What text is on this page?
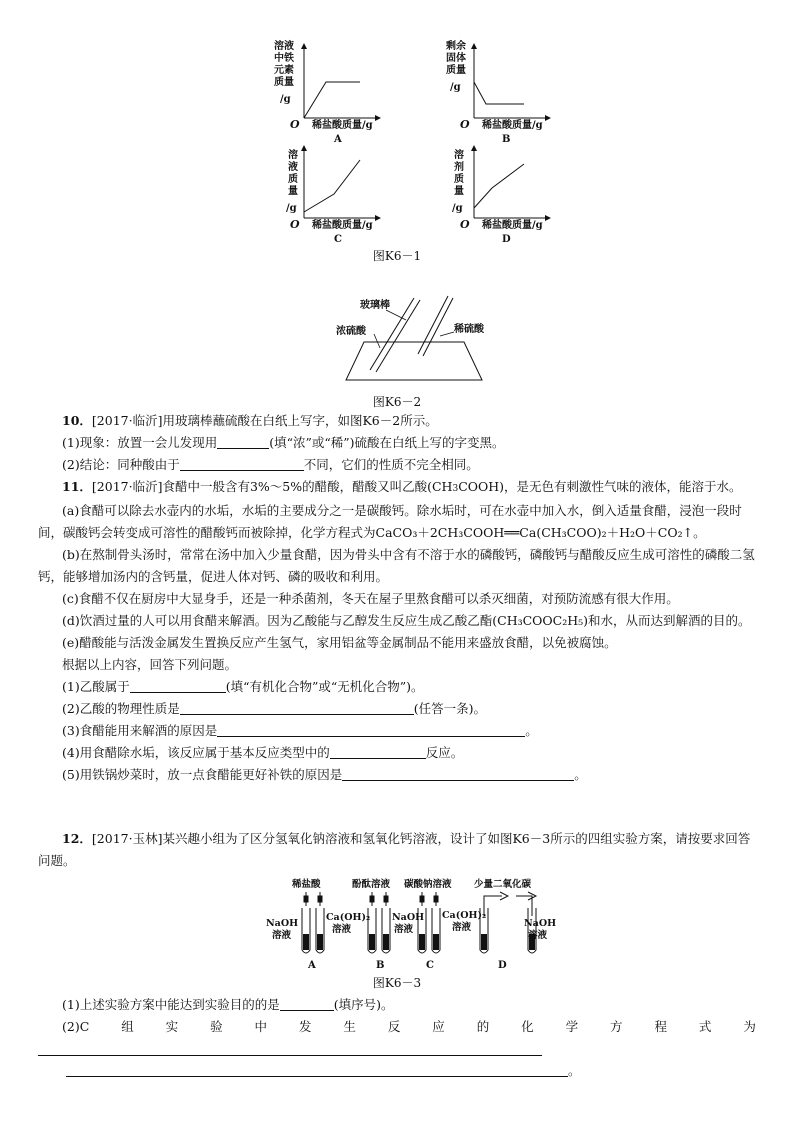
溶液 中铁 元素 质量 /g
O 稀盐酸质量/g
A
剩余 固体 质量 /g
O 稀盐酸质量/g
B
溶 液 质 量 /g
O 稀盐酸质量/g
C
溶 剂 质 量 /g
O 稀盐酸质量/g
D
图K6－1
玻璃棒
浓硫酸	稀硫酸
图K6－2
10．[2017·临沂]用玻璃棒蘸硫酸在白纸上写字，如图K6－2所示。
(1)现象：放置一会儿发现用	(填“浓”或“稀”)硫酸在白纸上写的字变黑。
(2)结论：同种酸由于	不同，它们的性质不完全相同。
11．[2017·临沂]食醋中一般含有3%～5%的醋酸，醋酸又叫乙酸(CH3COOH)，是无色有刺激性气味的液体，能溶于水。
(a)食醋可以除去水壶内的水垢，水垢的主要成分之一是碳酸钙。除水垢时，可在水壶中加入水，倒入适量食醋，浸泡一段时间，碳酸钙会转变成可溶性的醋酸钙而被除掉，化学方程式为CaCO₃＋2CH₃COOH══Ca(CH₃COO)₂＋H₂O＋CO₂↑。
(b)在熬制骨头汤时，常常在汤中加入少量食醋，因为骨头中含有不溶于水的磷酸钙，磷酸钙与醋酸反应生成可溶性的磷酸二氢钙，能够增加汤内的含钙量，促进人体对钙、磷的吸收和利用。
(c)食醋不仅在厨房中大显身手，还是一种杀菌剂，冬天在屋子里熬食醋可以杀灭细菌，对预防流感有很大作用。
(d)饮酒过量的人可以用食醋来解酒。因为乙酸能与乙醇发生反应生成乙酸乙酯(CH₃COOC₂H₅)和水，从而达到解酒的目的。
(e)醋酸能与活泼金属发生置换反应产生氢气，家用铝盆等金属制品不能用来盛放食醋，以免被腐蚀。
根据以上内容，回答下列问题。
(1)乙酸属于	(填“有机化合物”或“无机化合物”)。
(2)乙酸的物理性质是	(任答一条)。
(3)食醋能用来解酒的原因是	。
(4)用食醋除水垢，该反应属于基本反应类型中的	反应。
(5)用铁锅炒菜时，放一点食醋能更好补铁的原因是	。
12．[2017·玉林]某兴趣小组为了区分氢氧化钠溶液和氢氧化钙溶液，设计了如图K6－3所示的四组实验方案，请按要求回答问题。
稀盐酸	酚酞溶液 碳酸钠溶液 少量二氧化碳
NaOH
溶液
Ca(OH)₂
溶液
NaOH
溶液
Ca(OH)₂
溶液	NaOH
溶液
A	B	C	D
图K6－3
(1)上述实验方案中能达到实验目的的是	(填序号)。
(2)C	组	实	验	中	发	生	反	应	的	化	学	方	程	式	为
。
